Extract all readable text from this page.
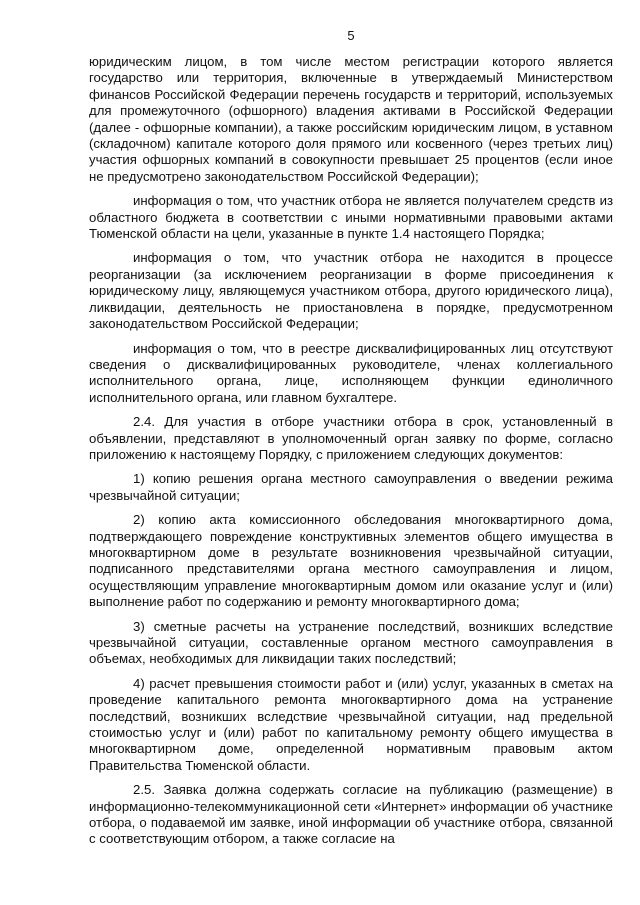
5

юридическим лицом, в том числе местом регистрации которого является государство или территория, включенные в утверждаемый Министерством финансов Российской Федерации перечень государств и территорий, используемых для промежуточного (офшорного) владения активами в Российской Федерации (далее - офшорные компании), а также российским юридическим лицом, в уставном (складочном) капитале которого доля прямого или косвенного (через третьих лиц) участия офшорных компаний в совокупности превышает 25 процентов (если иное не предусмотрено законодательством Российской Федерации);

информация о том, что участник отбора не является получателем средств из областного бюджета в соответствии с иными нормативными правовыми актами Тюменской области на цели, указанные в пункте 1.4 настоящего Порядка;

информация о том, что участник отбора не находится в процессе реорганизации (за исключением реорганизации в форме присоединения к юридическому лицу, являющемуся участником отбора, другого юридического лица), ликвидации, деятельность не приостановлена в порядке, предусмотренном законодательством Российской Федерации;

информация о том, что в реестре дисквалифицированных лиц отсутствуют сведения о дисквалифицированных руководителе, членах коллегиального исполнительного органа, лице, исполняющем функции единоличного исполнительного органа, или главном бухгалтере.

2.4. Для участия в отборе участники отбора в срок, установленный в объявлении, представляют в уполномоченный орган заявку по форме, согласно приложению к настоящему Порядку, с приложением следующих документов:

1) копию решения органа местного самоуправления о введении режима чрезвычайной ситуации;

2) копию акта комиссионного обследования многоквартирного дома, подтверждающего повреждение конструктивных элементов общего имущества в многоквартирном доме в результате возникновения чрезвычайной ситуации, подписанного представителями органа местного самоуправления и лицом, осуществляющим управление многоквартирным домом или оказание услуг и (или) выполнение работ по содержанию и ремонту многоквартирного дома;

3) сметные расчеты на устранение последствий, возникших вследствие чрезвычайной ситуации, составленные органом местного самоуправления в объемах, необходимых для ликвидации таких последствий;

4) расчет превышения стоимости работ и (или) услуг, указанных в сметах на проведение капитального ремонта многоквартирного дома на устранение последствий, возникших вследствие чрезвычайной ситуации, над предельной стоимостью услуг и (или) работ по капитальному ремонту общего имущества в многоквартирном доме, определенной нормативным правовым актом Правительства Тюменской области.

2.5. Заявка должна содержать согласие на публикацию (размещение) в информационно-телекоммуникационной сети «Интернет» информации об участнике отбора, о подаваемой им заявке, иной информации об участнике отбора, связанной с соответствующим отбором, а также согласие на
